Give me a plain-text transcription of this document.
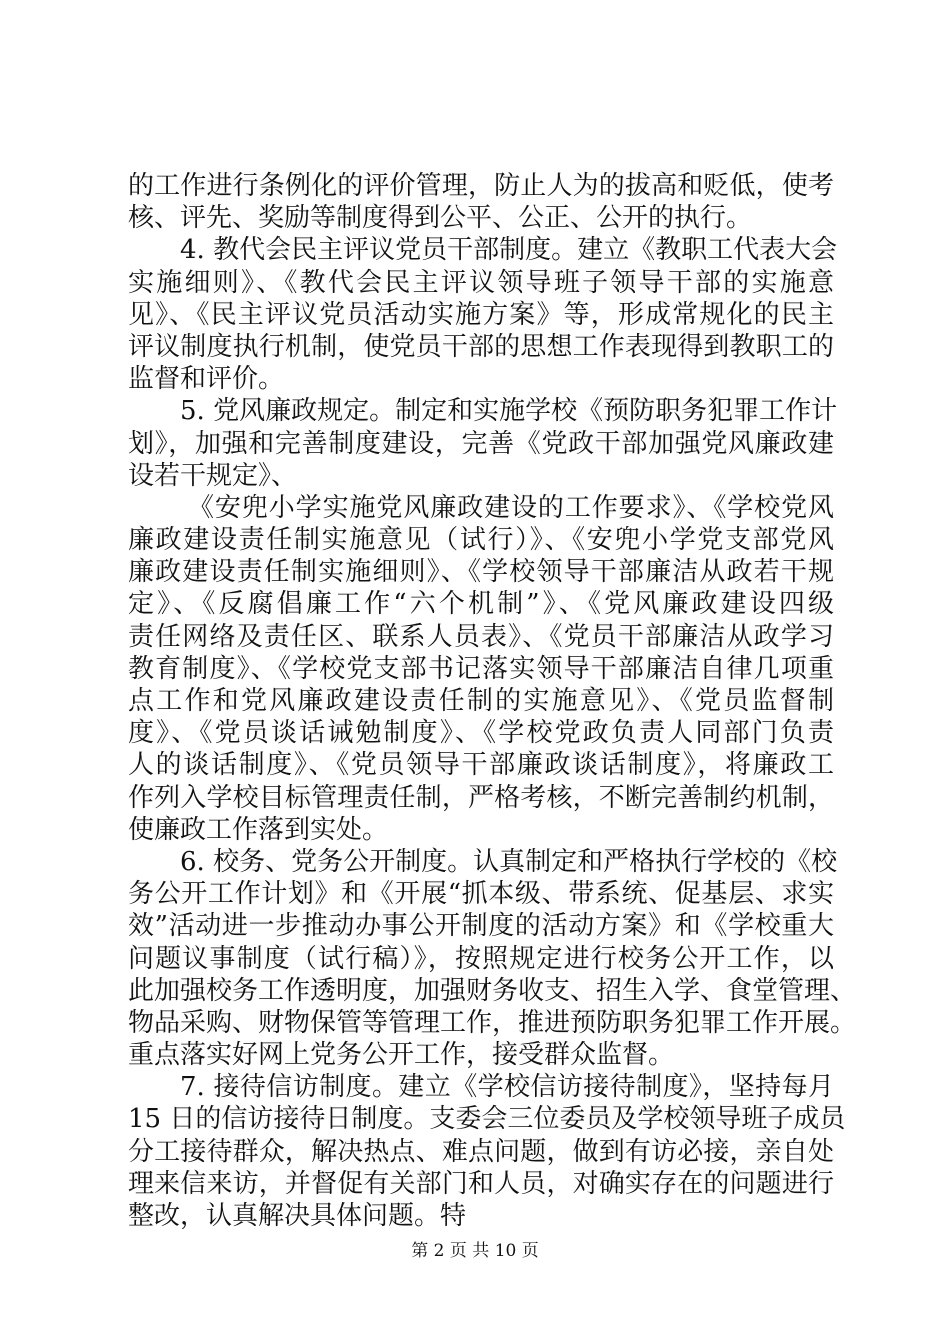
的工作进行条例化的评价管理，防止人为的拔高和贬低，使考
核、评先、奖励等制度得到公平、公正、公开的执行。
4. 教代会民主评议党员干部制度。建立《教职工代表大会
实施细则》、《教代会民主评议领导班子领导干部的实施意
见》、《民主评议党员活动实施方案》等，形成常规化的民主
评议制度执行机制，使党员干部的思想工作表现得到教职工的
监督和评价。
5. 党风廉政规定。制定和实施学校《预防职务犯罪工作计
划》，加强和完善制度建设，完善《党政干部加强党风廉政建
设若干规定》、
《安兜小学实施党风廉政建设的工作要求》、《学校党风
廉政建设责任制实施意见（试行）》、《安兜小学党支部党风
廉政建设责任制实施细则》、《学校领导干部廉洁从政若干规
定》、《反腐倡廉工作“六个机制”》、《党风廉政建设四级
责任网络及责任区、联系人员表》、《党员干部廉洁从政学习
教育制度》、《学校党支部书记落实领导干部廉洁自律几项重
点工作和党风廉政建设责任制的实施意见》、《党员监督制
度》、《党员谈话诫勉制度》、《学校党政负责人同部门负责
人的谈话制度》、《党员领导干部廉政谈话制度》，将廉政工
作列入学校目标管理责任制，严格考核，不断完善制约机制，
使廉政工作落到实处。
6. 校务、党务公开制度。认真制定和严格执行学校的《校
务公开工作计划》和《开展“抓本级、带系统、促基层、求实
效”活动进一步推动办事公开制度的活动方案》和《学校重大
问题议事制度（试行稿）》，按照规定进行校务公开工作，以
此加强校务工作透明度，加强财务收支、招生入学、食堂管理、
物品采购、财物保管等管理工作，推进预防职务犯罪工作开展。
重点落实好网上党务公开工作，接受群众监督。
7. 接待信访制度。建立《学校信访接待制度》，坚持每月
15 日的信访接待日制度。支委会三位委员及学校领导班子成员
分工接待群众，解决热点、难点问题，做到有访必接，亲自处
理来信来访，并督促有关部门和人员，对确实存在的问题进行
整改，认真解决具体问题。特
第 2 页 共 10 页
